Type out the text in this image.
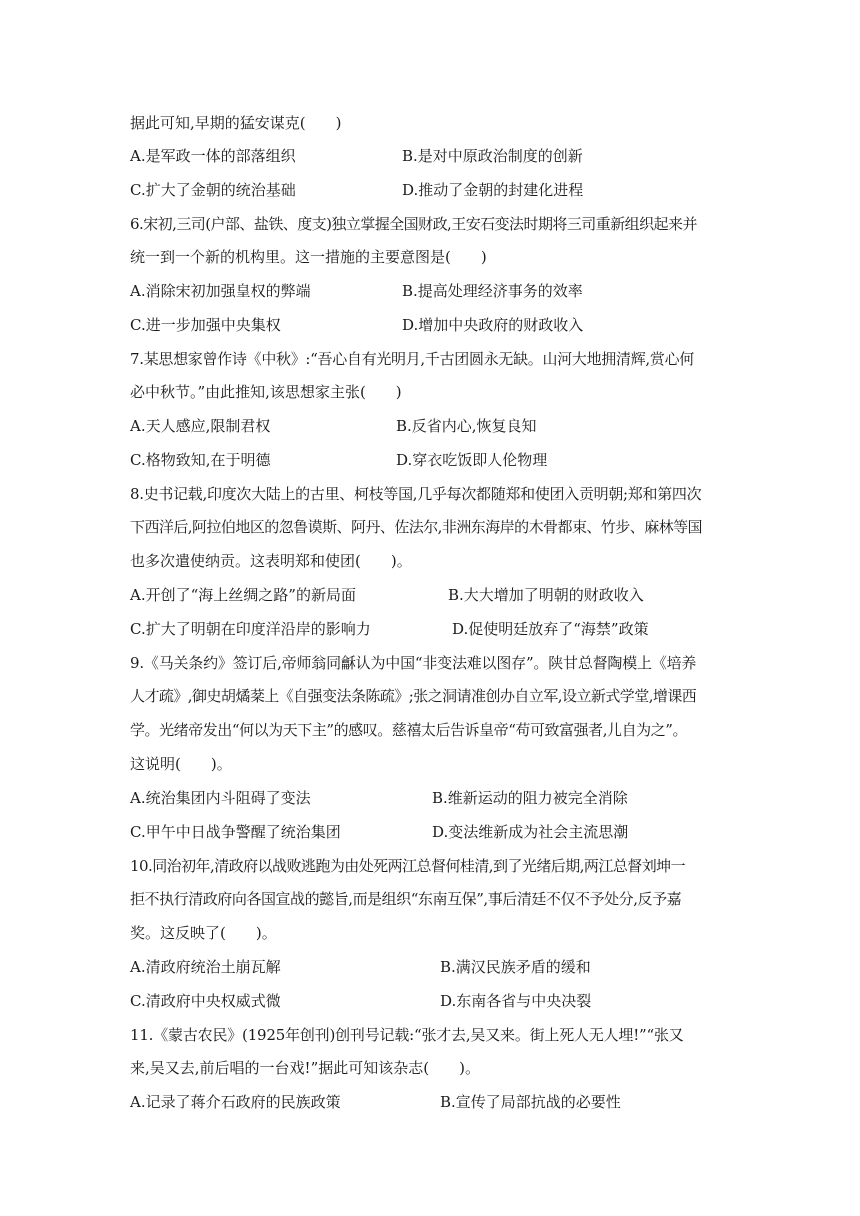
据此可知,早期的猛安谋克(　　)
A.是军政一体的部落组织	B.是对中原政治制度的创新
C.扩大了金朝的统治基础	D.推动了金朝的封建化进程
6.宋初,三司(户部、盐铁、度支)独立掌握全国财政,王安石变法时期将三司重新组织起来并
统一到一个新的机构里。这一措施的主要意图是(　　)
A.消除宋初加强皇权的弊端	B.提高处理经济事务的效率
C.进一步加强中央集权	D.增加中央政府的财政收入
7.某思想家曾作诗《中秋》:“吾心自有光明月,千古团圆永无缺。山河大地拥清辉,赏心何
必中秋节。”由此推知,该思想家主张(　　)
A.天人感应,限制君权	B.反省内心,恢复良知
C.格物致知,在于明德	D.穿衣吃饭即人伦物理
8.史书记载,印度次大陆上的古里、柯枝等国,几乎每次都随郑和使团入贡明朝;郑和第四次
下西洋后,阿拉伯地区的忽鲁谟斯、阿丹、佐法尔,非洲东海岸的木骨都束、竹步、麻林等国
也多次遣使纳贡。这表明郑和使团(　　)。
A.开创了“海上丝绸之路”的新局面	B.大大增加了明朝的财政收入
C.扩大了明朝在印度洋沿岸的影响力	D.促使明廷放弃了“海禁”政策
9.《马关条约》签订后,帝师翁同龢认为中国“非变法难以图存”。陕甘总督陶模上《培养
人才疏》,御史胡燏棻上《自强变法条陈疏》;张之洞请准创办自立军,设立新式学堂,增课西
学。光绪帝发出“何以为天下主”的感叹。慈禧太后告诉皇帝“苟可致富强者,儿自为之”。
这说明(　　)。
A.统治集团内斗阻碍了变法	B.维新运动的阻力被完全消除
C.甲午中日战争警醒了统治集团	D.变法维新成为社会主流思潮
10.同治初年,清政府以战败逃跑为由处死两江总督何桂清,到了光绪后期,两江总督刘坤一
拒不执行清政府向各国宣战的懿旨,而是组织“东南互保”,事后清廷不仅不予处分,反予嘉
奖。这反映了(　　)。
A.清政府统治土崩瓦解	B.满汉民族矛盾的缓和
C.清政府中央权威式微	D.东南各省与中央决裂
11.《蒙古农民》(1925年创刊)创刊号记载:“张才去,吴又来。街上死人无人埋!”“张又
来,吴又去,前后唱的一台戏!”据此可知该杂志(　　)。
A.记录了蒋介石政府的民族政策	B.宣传了局部抗战的必要性
